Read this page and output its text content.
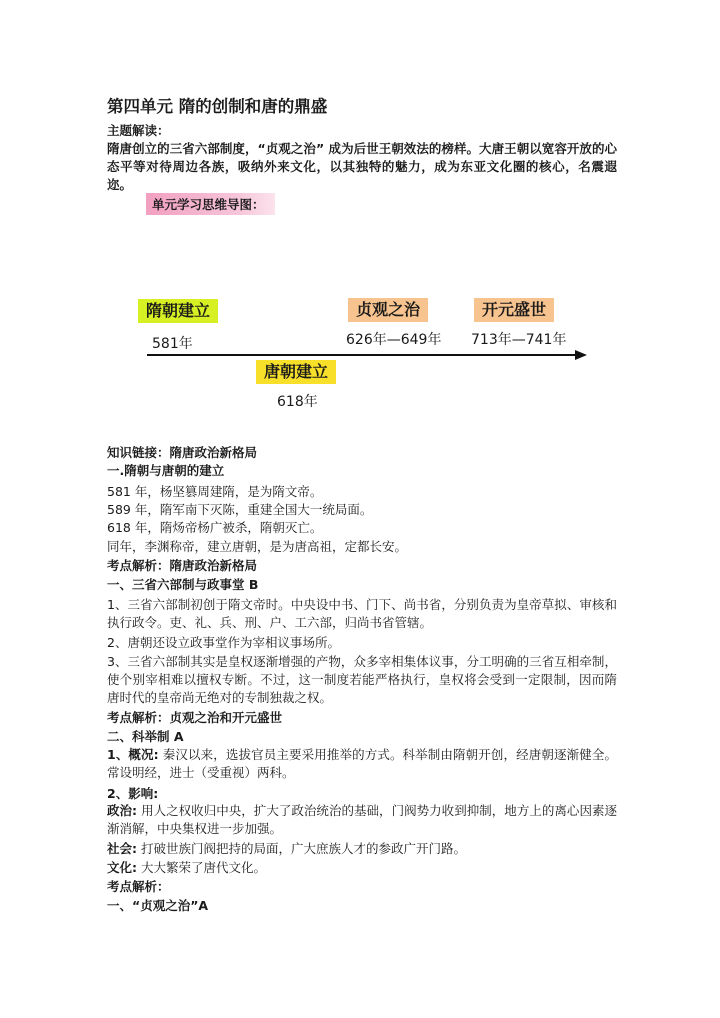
第四单元 隋的创制和唐的鼎盛
主题解读：
隋唐创立的三省六部制度，“贞观之治” 成为后世王朝效法的榜样。大唐王朝以宽容开放的心态平等对待周边各族，吸纳外来文化，以其独特的魅力，成为东亚文化圈的核心，名震遐迩。
单元学习思维导图：
隋朝建立
581年
贞观之治
626年—649年
开元盛世
713年—741年
唐朝建立
618年
知识链接：隋唐政治新格局
一.隋朝与唐朝的建立
581 年，杨坚篡周建隋，是为隋文帝。
589 年，隋军南下灭陈，重建全国大一统局面。
618 年，隋炀帝杨广被杀，隋朝灭亡。
同年，李渊称帝，建立唐朝，是为唐高祖，定都长安。
考点解析：隋唐政治新格局
一、三省六部制与政事堂 B
1、三省六部制初创于隋文帝时。中央设中书、门下、尚书省，分别负责为皇帝草拟、审核和执行政令。吏、礼、兵、刑、户、工六部，归尚书省管辖。
2、唐朝还设立政事堂作为宰相议事场所。
3、三省六部制其实是皇权逐渐增强的产物，众多宰相集体议事，分工明确的三省互相牵制，使个别宰相难以擅权专断。不过，这一制度若能严格执行，皇权将会受到一定限制，因而隋唐时代的皇帝尚无绝对的专制独裁之权。
考点解析：贞观之治和开元盛世
二、科举制 A
1、概况: 秦汉以来，选拔官员主要采用推举的方式。科举制由隋朝开创，经唐朝逐渐健全。常设明经，进士（受重视）两科。
2、影响:
政治: 用人之权收归中央，扩大了政治统治的基础，门阀势力收到抑制，地方上的离心因素逐渐消解，中央集权进一步加强。
社会: 打破世族门阀把持的局面，广大庶族人才的参政广开门路。
文化: 大大繁荣了唐代文化。
考点解析：
一、“贞观之治”A
